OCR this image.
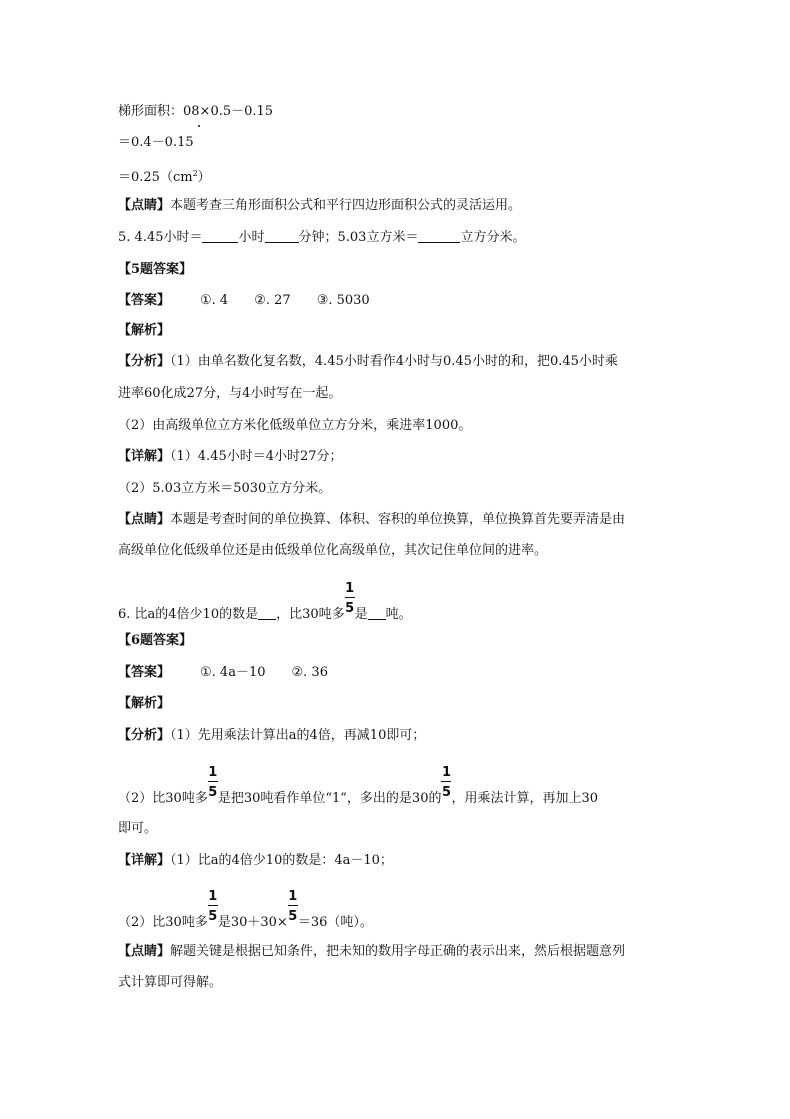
梯形面积：08×0.5－0.15
＝0.4－0.15
$=0.25(cm^2)$
【点睛】本题考查三角形面积公式和平行四边形面积公式的灵活运用。
5. 4.45小时＝	小时	分钟；5.03立方米＝	立方分米。
【5题答案】
【答案】 ①. 4 ②. 27 ③. 5030
【解析】
【分析】（1）由单名数化复名数，4.45小时看作4小时与0.45小时的和，把0.45小时乘
进率60化成27分，与4小时写在一起。
（2）由高级单位立方米化低级单位立方分米，乘进率1000。
【详解】（1）4.45小时＝4小时27分；
（2）5.03立方米＝5030立方分米。
【点睛】本题是考查时间的单位换算、体积、容积的单位换算，单位换算首先要弄清是由
高级单位化低级单位还是由低级单位化高级单位，其次记住单位间的进率。
6. 比a的4倍少10的数是 ，比30吨多 $\frac{1}{5}$ 是 吨。
【6题答案】
【答案】 ①. 4a－10 ②. 36
【解析】
【分析】（1）先用乘法计算出a的4倍，再减10即可；
（2）比30吨多 $\frac{1}{5}$ 是把30吨看作单位“1”，多出的是30的 $\frac{1}{5}$ ，用乘法计算，再加上30
即可。
【详解】（1）比a的4倍少10的数是：4a－10；
（2）比30吨多 $\frac{1}{5}$ 是$30+30\times \frac{1}{5} =36$（吨）。
【点睛】解题关键是根据已知条件，把未知的数用字母正确的表示出来，然后根据题意列
式计算即可得解。
